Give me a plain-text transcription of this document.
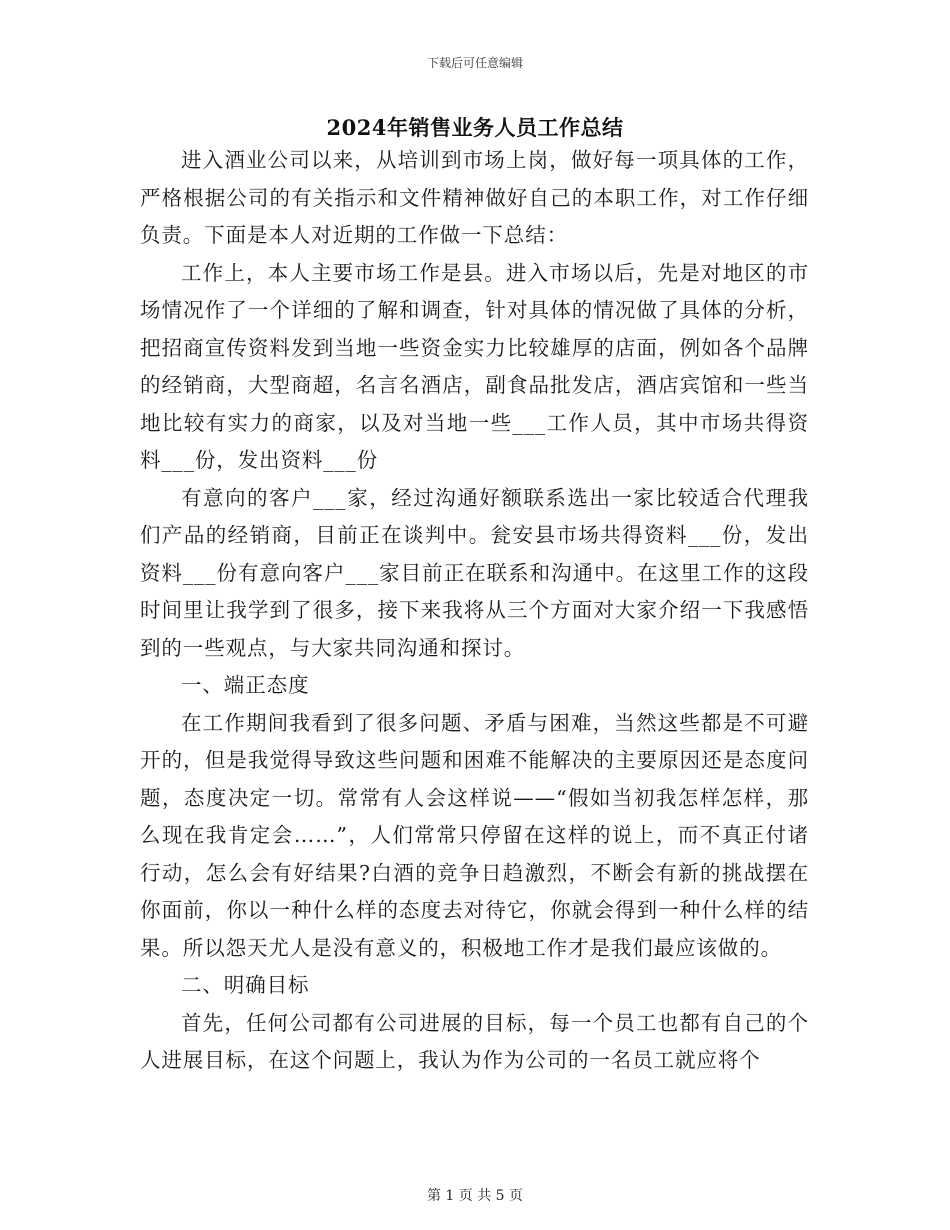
下载后可任意编辑
2024年销售业务人员工作总结

进入酒业公司以来，从培训到市场上岗，做好每一项具体的工作，严格根据公司的有关指示和文件精神做好自己的本职工作，对工作仔细负责。下面是本人对近期的工作做一下总结：

工作上，本人主要市场工作是县。进入市场以后，先是对地区的市场情况作了一个详细的了解和调查，针对具体的情况做了具体的分析，把招商宣传资料发到当地一些资金实力比较雄厚的店面，例如各个品牌的经销商，大型商超，名言名酒店，副食品批发店，酒店宾馆和一些当地比较有实力的商家，以及对当地一些___工作人员，其中市场共得资料___份，发出资料___份

有意向的客户___家，经过沟通好额联系选出一家比较适合代理我们产品的经销商，目前正在谈判中。瓮安县市场共得资料___份，发出资料___份有意向客户___家目前正在联系和沟通中。在这里工作的这段时间里让我学到了很多，接下来我将从三个方面对大家介绍一下我感悟到的一些观点，与大家共同沟通和探讨。

一、端正态度

在工作期间我看到了很多问题、矛盾与困难，当然这些都是不可避开的，但是我觉得导致这些问题和困难不能解决的主要原因还是态度问题，态度决定一切。常常有人会这样说——“假如当初我怎样怎样，那么现在我肯定会……”，人们常常只停留在这样的说上，而不真正付诸行动，怎么会有好结果?白酒的竞争日趋激烈，不断会有新的挑战摆在你面前，你以一种什么样的态度去对待它，你就会得到一种什么样的结果。所以怨天尤人是没有意义的，积极地工作才是我们最应该做的。

二、明确目标

首先，任何公司都有公司进展的目标，每一个员工也都有自己的个人进展目标，在这个问题上，我认为作为公司的一名员工就应将个

第 1 页 共 5 页
